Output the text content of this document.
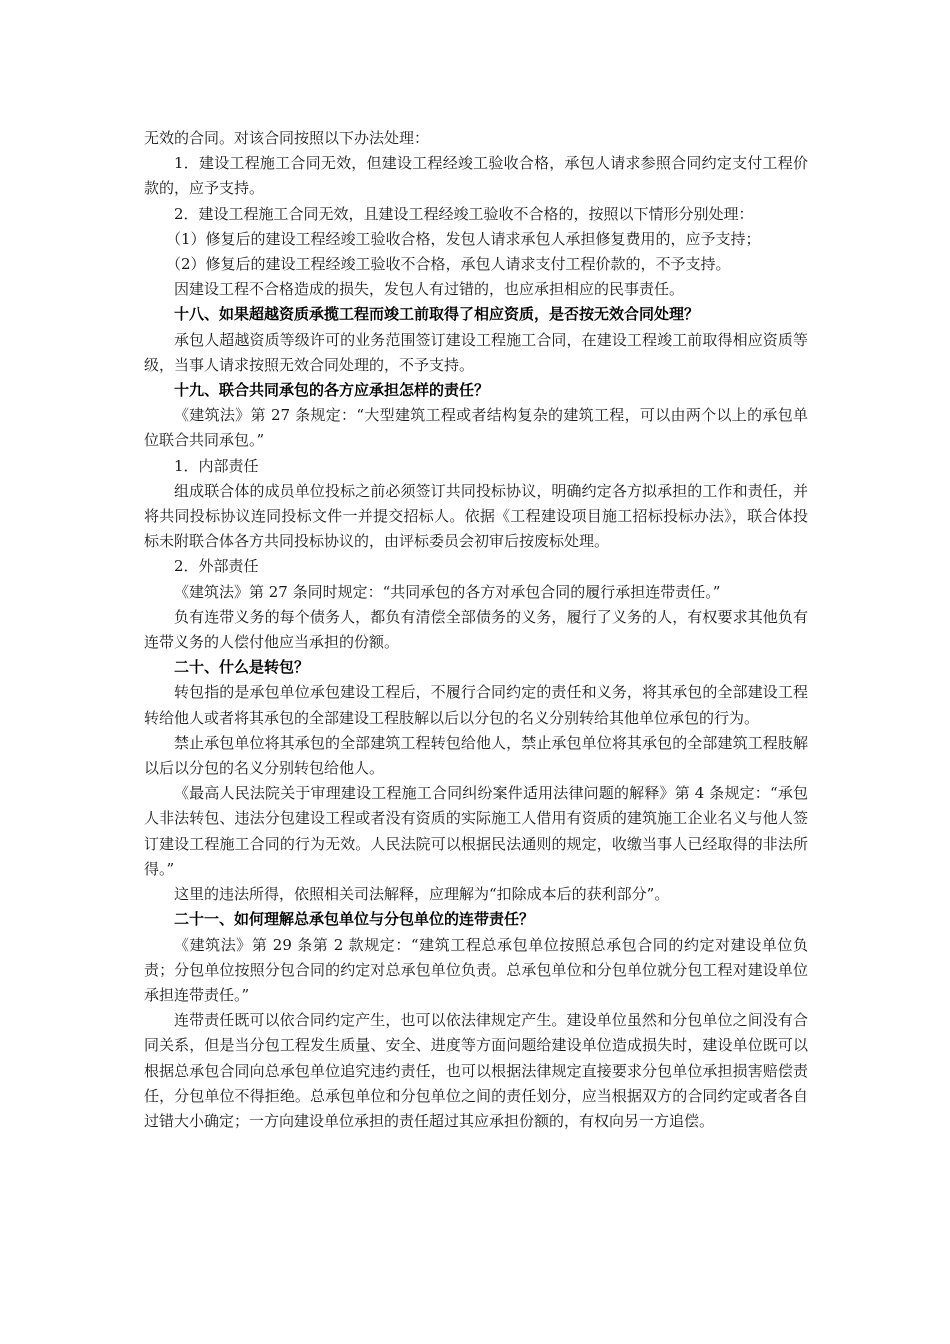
无效的合同。对该合同按照以下办法处理：

1．建设工程施工合同无效，但建设工程经竣工验收合格，承包人请求参照合同约定支付工程价款的，应予支持。

2．建设工程施工合同无效，且建设工程经竣工验收不合格的，按照以下情形分别处理：

（1）修复后的建设工程经竣工验收合格，发包人请求承包人承担修复费用的，应予支持；

（2）修复后的建设工程经竣工验收不合格，承包人请求支付工程价款的，不予支持。

因建设工程不合格造成的损失，发包人有过错的，也应承担相应的民事责任。

十八、如果超越资质承揽工程而竣工前取得了相应资质，是否按无效合同处理？

承包人超越资质等级许可的业务范围签订建设工程施工合同，在建设工程竣工前取得相应资质等级，当事人请求按照无效合同处理的，不予支持。

十九、联合共同承包的各方应承担怎样的责任？

《建筑法》第 27 条规定：“大型建筑工程或者结构复杂的建筑工程，可以由两个以上的承包单位联合共同承包。”

1．内部责任

组成联合体的成员单位投标之前必须签订共同投标协议，明确约定各方拟承担的工作和责任，并将共同投标协议连同投标文件一并提交招标人。依据《工程建设项目施工招标投标办法》，联合体投标未附联合体各方共同投标协议的，由评标委员会初审后按废标处理。

2．外部责任

《建筑法》第 27 条同时规定：“共同承包的各方对承包合同的履行承担连带责任。”

负有连带义务的每个债务人，都负有清偿全部债务的义务，履行了义务的人，有权要求其他负有连带义务的人偿付他应当承担的份额。

二十、什么是转包？

转包指的是承包单位承包建设工程后，不履行合同约定的责任和义务，将其承包的全部建设工程转给他人或者将其承包的全部建设工程肢解以后以分包的名义分别转给其他单位承包的行为。

禁止承包单位将其承包的全部建筑工程转包给他人，禁止承包单位将其承包的全部建筑工程肢解以后以分包的名义分别转包给他人。

《最高人民法院关于审理建设工程施工合同纠纷案件适用法律问题的解释》第 4 条规定：“承包人非法转包、违法分包建设工程或者没有资质的实际施工人借用有资质的建筑施工企业名义与他人签订建设工程施工合同的行为无效。人民法院可以根据民法通则的规定，收缴当事人已经取得的非法所得。”

这里的违法所得，依照相关司法解释，应理解为“扣除成本后的获利部分”。

二十一、如何理解总承包单位与分包单位的连带责任？

《建筑法》第 29 条第 2 款规定：“建筑工程总承包单位按照总承包合同的约定对建设单位负责；分包单位按照分包合同的约定对总承包单位负责。总承包单位和分包单位就分包工程对建设单位承担连带责任。”

连带责任既可以依合同约定产生，也可以依法律规定产生。建设单位虽然和分包单位之间没有合同关系，但是当分包工程发生质量、安全、进度等方面问题给建设单位造成损失时，建设单位既可以根据总承包合同向总承包单位追究违约责任，也可以根据法律规定直接要求分包单位承担损害赔偿责任，分包单位不得拒绝。总承包单位和分包单位之间的责任划分，应当根据双方的合同约定或者各自过错大小确定；一方向建设单位承担的责任超过其应承担份额的，有权向另一方追偿。
